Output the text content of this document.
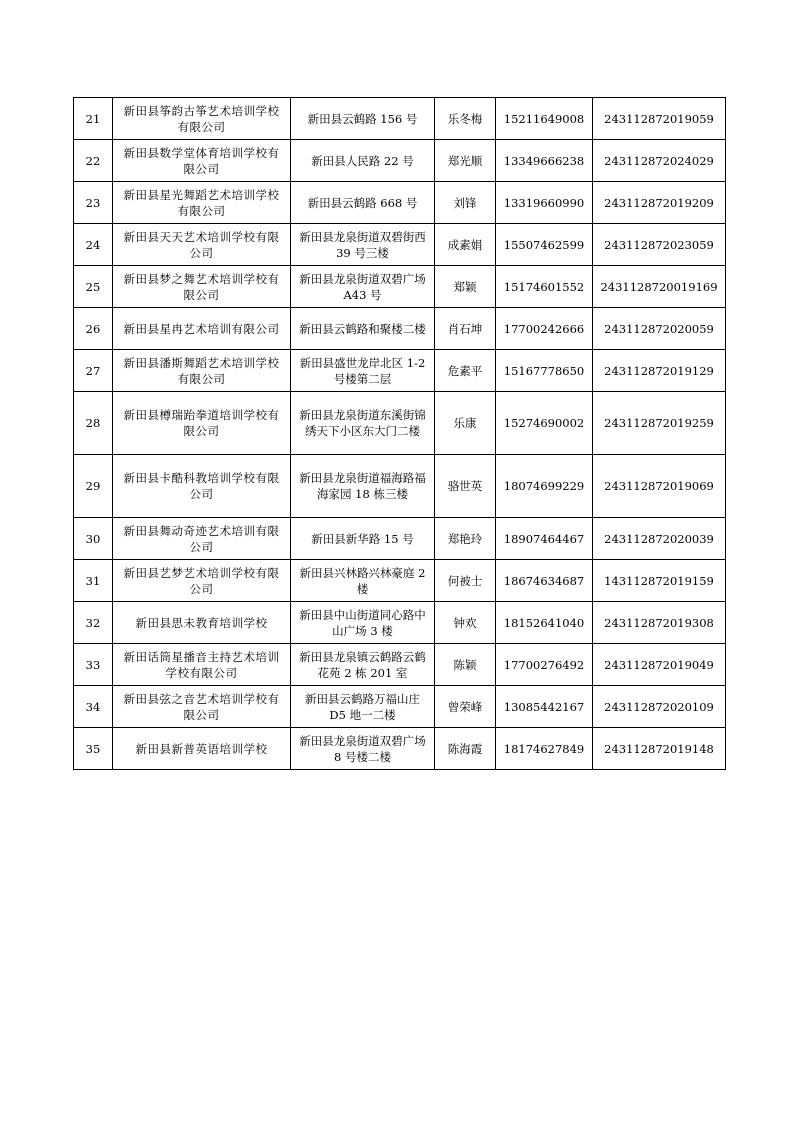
21	新田县筝韵古筝艺术培训学校有限公司	新田县云鹤路 156 号	乐冬梅	15211649008	243112872019059
22	新田县数学堂体育培训学校有限公司	新田县人民路 22 号	郑光顺	13349666238	243112872024029
23	新田县星光舞蹈艺术培训学校有限公司	新田县云鹤路 668 号	刘锋	13319660990	243112872019209
24	新田县天天艺术培训学校有限公司	新田县龙泉街道双碧街西 39 号三楼	成素娟	15507462599	243112872023059
25	新田县梦之舞艺术培训学校有限公司	新田县龙泉街道双碧广场 A43 号	郑颖	15174601552	2431128720019169
26	新田县星冉艺术培训有限公司	新田县云鹤路和聚楼二楼	肖石坤	17700242666	243112872020059
27	新田县潘斯舞蹈艺术培训学校有限公司	新田县盛世龙岸北区 1-2 号楼第二层	危素平	15167778650	243112872019129
28	新田县樽瑞跆拳道培训学校有限公司	新田县龙泉街道东溪街锦绣天下小区东大门二楼	乐康	15274690002	243112872019259
29	新田县卡酷科教培训学校有限公司	新田县龙泉街道福海路福海家园 18 栋三楼	骆世英	18074699229	243112872019069
30	新田县舞动奇迹艺术培训有限公司	新田县新华路 15 号	郑艳玲	18907464467	243112872020039
31	新田县艺梦艺术培训学校有限公司	新田县兴林路兴林豪庭 2 楼	何被士	18674634687	143112872019159
32	新田县思未教育培训学校	新田县中山街道同心路中山广场 3 楼	钟欢	18152641040	243112872019308
33	新田话筒星播音主持艺术培训学校有限公司	新田县龙泉镇云鹤路云鹤花苑 2 栋 201 室	陈颖	17700276492	243112872019049
34	新田县弦之音艺术培训学校有限公司	新田县云鹤路万福山庄 D5 地一二楼	曾荣峰	13085442167	243112872020109
35	新田县新普英语培训学校	新田县龙泉街道双碧广场 8 号楼二楼	陈海霞	18174627849	243112872019148
